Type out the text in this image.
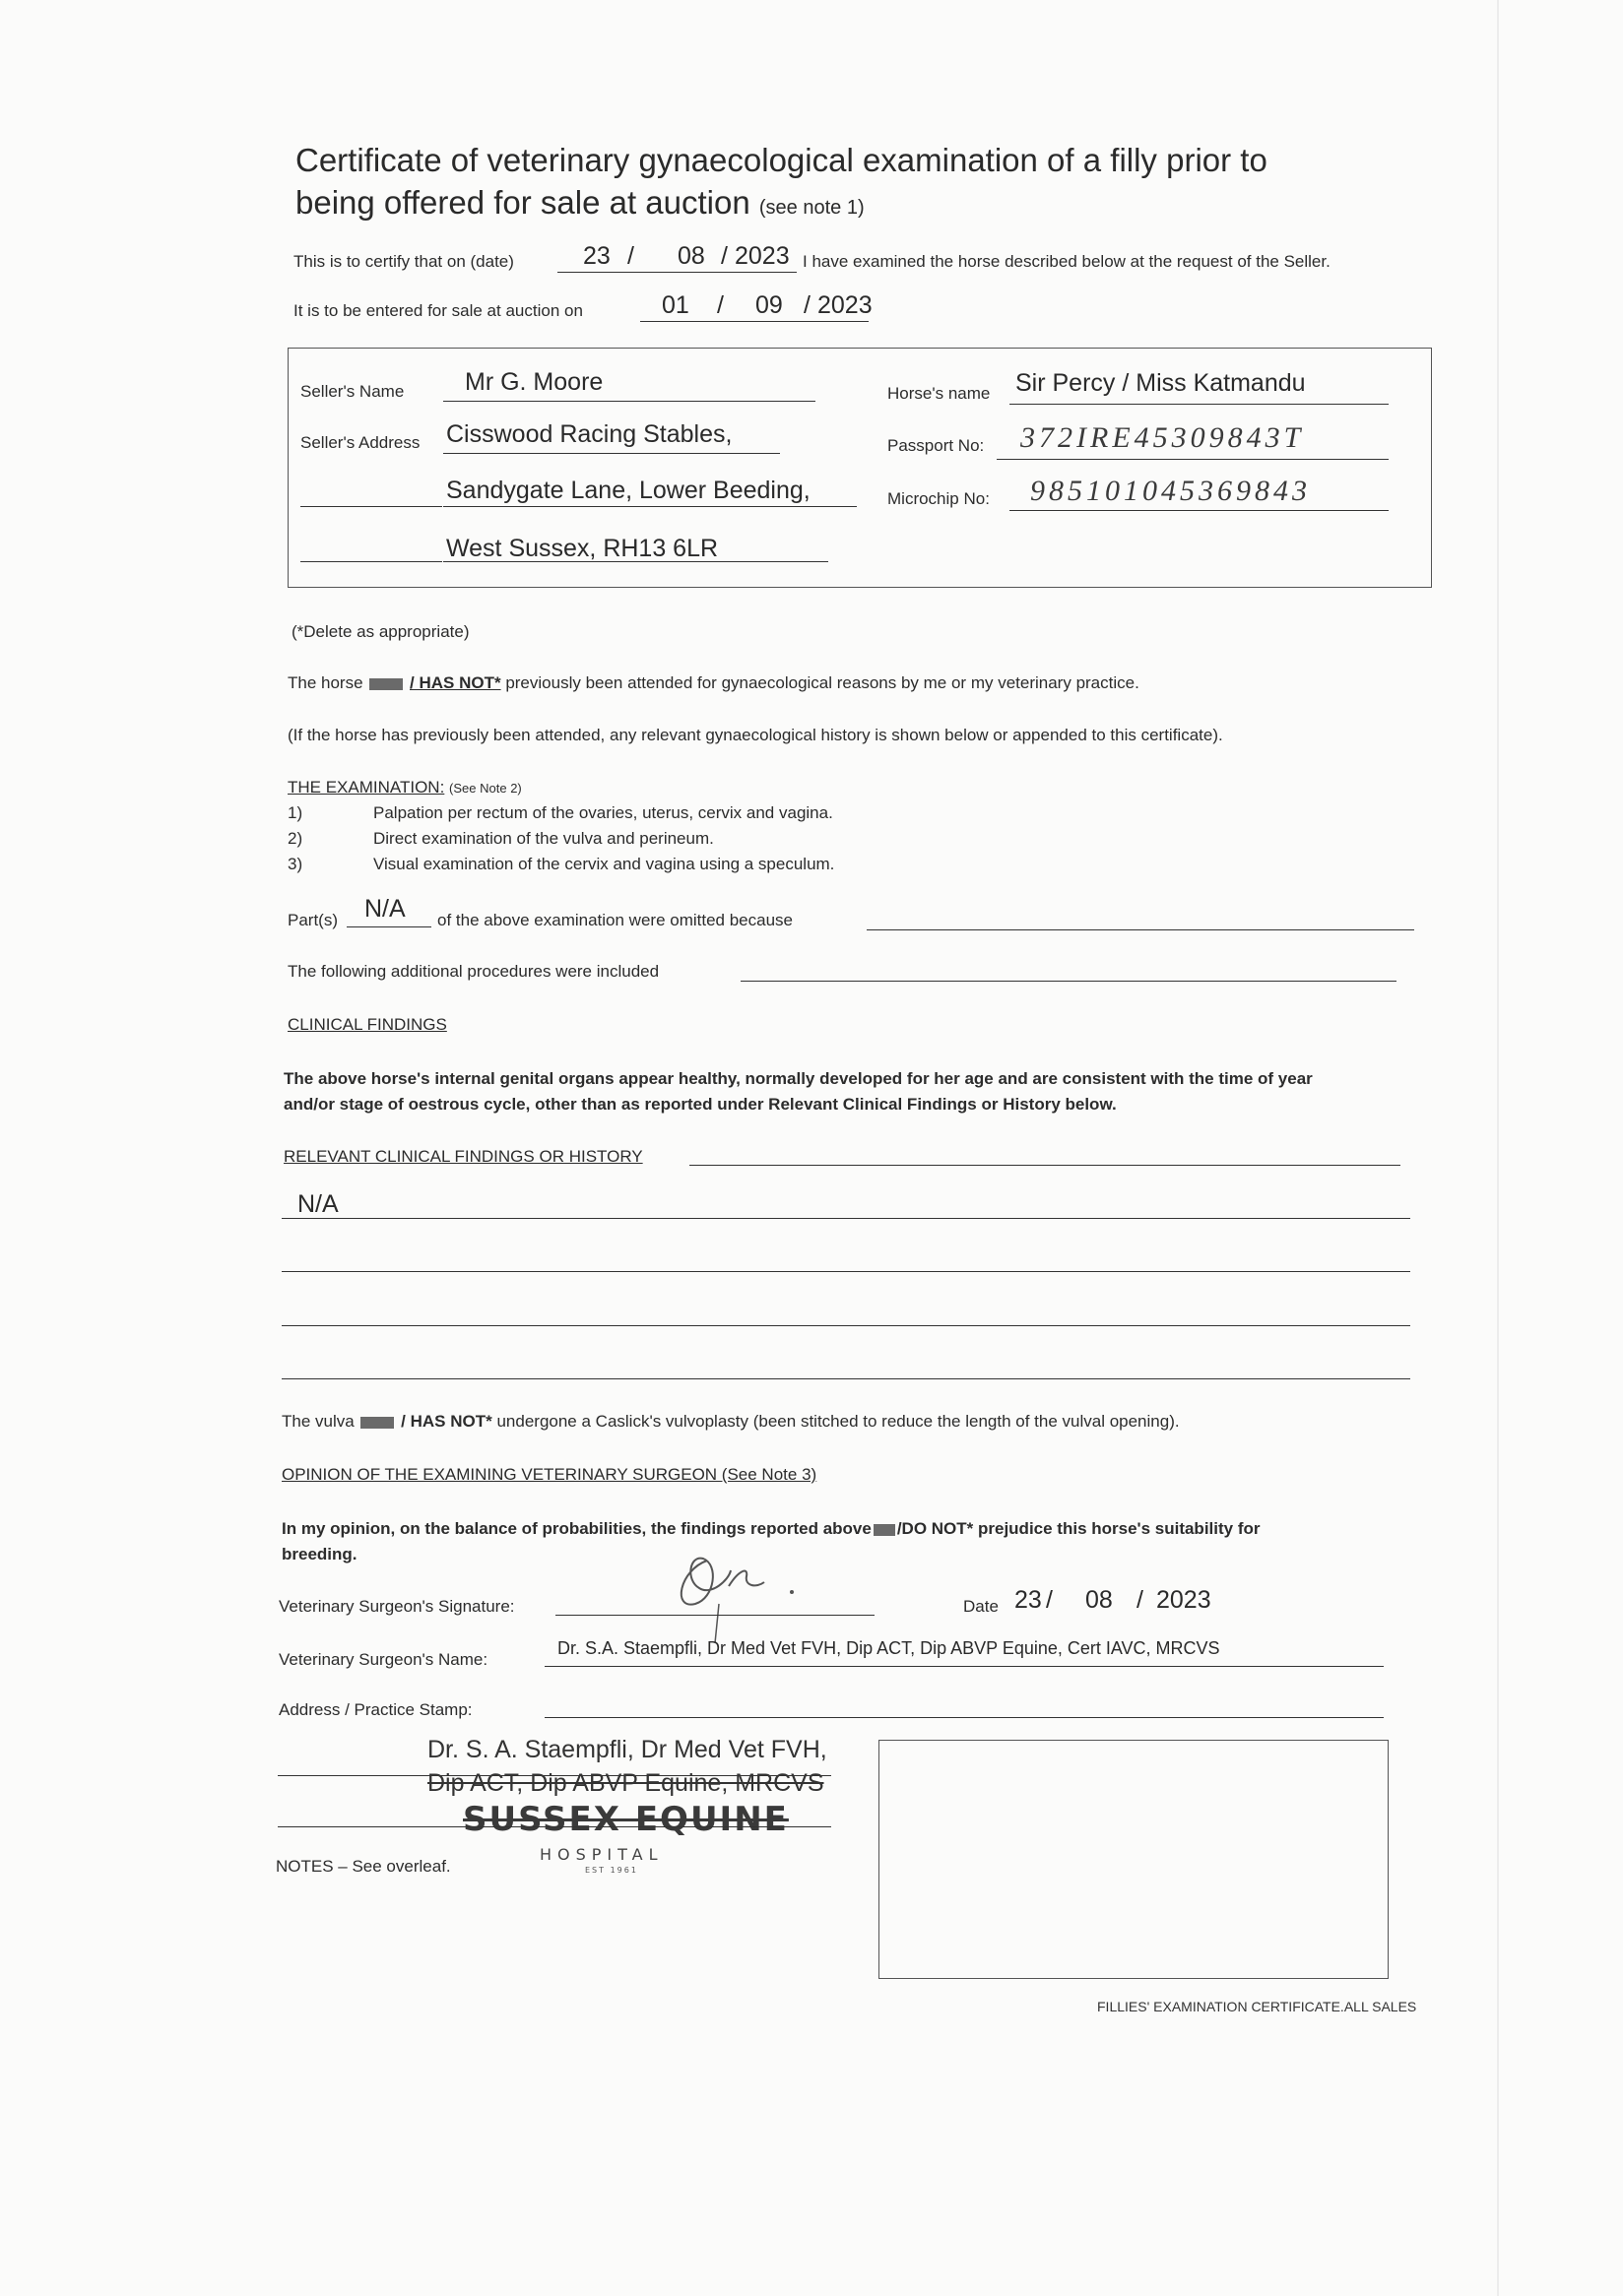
Certificate of veterinary gynaecological examination of a filly prior to
being offered for sale at auction (see note 1)
This is to certify that on (date)	23 / 08 / 2023 I have examined the horse described below at the request of the Seller.
It is to be entered for sale at auction on	01 / 09 / 2023
Seller's Name Mr G. Moore
Seller's Address Cisswood Racing Stables,
Sandygate Lane, Lower Beeding,
West Sussex, RH13 6LR
Horse's name Sir Percy / Miss Katmandu
Passport No: 372IRE45309843T
Microchip No: 985101045369843
(*Delete as appropriate)
The horse	/ HAS NOT* previously been attended for gynaecological reasons by me or my veterinary practice.
(If the horse has previously been attended, any relevant gynaecological history is shown below or appended to this certificate).
THE EXAMINATION: (See Note 2)
1)	Palpation per rectum of the ovaries, uterus, cervix and vagina.
2)	Direct examination of the vulva and perineum.
3)	Visual examination of the cervix and vagina using a speculum.
Part(s) N/A of the above examination were omitted because
The following additional procedures were included
CLINICAL FINDINGS
The above horse's internal genital organs appear healthy, normally developed for her age and are consistent with the time of year
and/or stage of oestrous cycle, other than as reported under Relevant Clinical Findings or History below.
RELEVANT CLINICAL FINDINGS OR HISTORY
N/A
The vulva	/ HAS NOT* undergone a Caslick's vulvoplasty (been stitched to reduce the length of the vulval opening).
OPINION OF THE EXAMINING VETERINARY SURGEON (See Note 3)
In my opinion, on the balance of probabilities, the findings reported above /DO NOT* prejudice this horse's suitability for
breeding.
Veterinary Surgeon's Signature:	Date 23 / 08 / 2023
Veterinary Surgeon's Name:
Dr. S.A. Staempfli, Dr Med Vet FVH, Dip ACT, Dip ABVP Equine, Cert IAVC, MRCVS
Address / Practice Stamp:
Dr. S. A. Staempfli, Dr Med Vet FVH,
Dip ACT, Dip ABVP Equine, MRCVS
SUSSEX EQUINE
HOSPITAL
EST 1961
NOTES – See overleaf.
FILLIES' EXAMINATION CERTIFICATE.ALL SALES
